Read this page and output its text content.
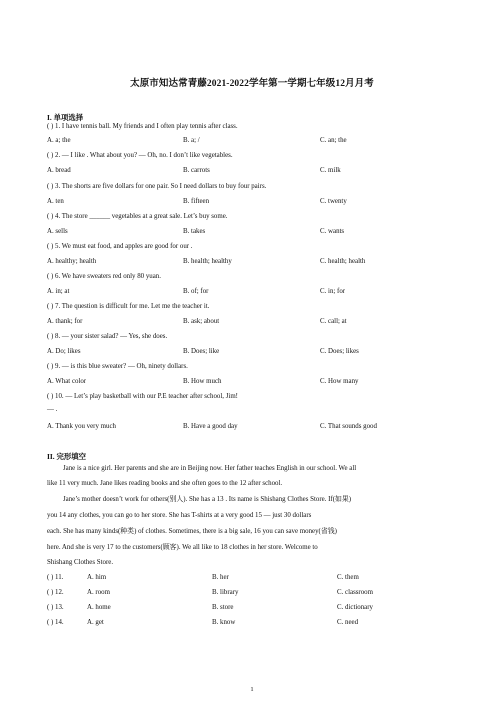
太原市知达常青藤2021-2022学年第一学期七年级12月月考
I. 单项选择
( ) 1. I have tennis ball. My friends and I often play tennis after class.
A. a; the	B. a; /	C. an; the
( ) 2. — I like . What about you? — Oh, no. I don’t like vegetables.
A. bread	B. carrots	C. milk
( ) 3. The shorts are five dollars for one pair. So I need dollars to buy four pairs.
A. ten	B. fifteen	C. twenty
( ) 4. The store ______ vegetables at a great sale. Let’s buy some.
A. sells	B. takes	C. wants
( ) 5. We must eat food, and apples are good for our .
A. healthy; health	B. health; healthy	C. health; health
( ) 6. We have sweaters red only 80 yuan.
A. in; at	B. of; for	C. in; for
( ) 7. The question is difficult for me. Let me the teacher it.
A. thank; for	B. ask; about	C. call; at
( ) 8. — your sister salad? — Yes, she does.
A. Do; likes	B. Does; like	C. Does; likes
( ) 9. — is this blue sweater? — Oh, ninety dollars.
A. What color	B. How much	C. How many
( ) 10. — Let’s play basketball with our P.E teacher after school, Jim!
— .
A. Thank you very much	B. Have a good day	C. That sounds good
II. 完形填空
Jane is a nice girl. Her parents and she are in Beijing now. Her father teaches English in our school. We all
like 11 very much. Jane likes reading books and she often goes to the 12 after school.
Jane’s mother doesn’t work for others(别人). She has a 13 . Its name is Shishang Clothes Store. If(如果)
you 14 any clothes, you can go to her store. She has T-shirts at a very good 15 — just 30 dollars
each. She has many kinds(种类) of clothes. Sometimes, there is a big sale, 16 you can save money(省钱)
here. And she is very 17 to the customers(顾客). We all like to 18 clothes in her store. Welcome to
Shishang Clothes Store.
( ) 11.	A. him	B. her	C. them
( ) 12.	A. room	B. library	C. classroom
( ) 13.	A. home	B. store	C. dictionary
( ) 14.	A. get	B. know	C. need
1
